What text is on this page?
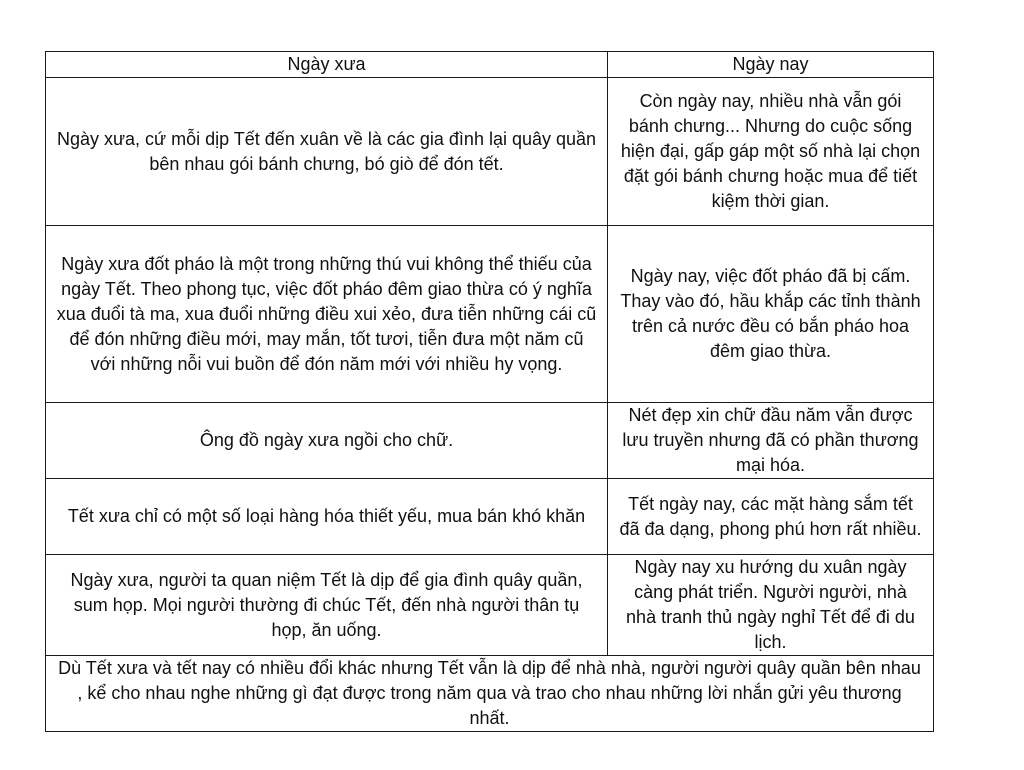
Ngày xưa	Ngày nay
Ngày xưa, cứ mỗi dịp Tết đến xuân về là các gia đình lại quây quần bên nhau gói bánh chưng, bó giò để đón tết.	Còn ngày nay, nhiều nhà vẫn gói bánh chưng... Nhưng do cuộc sống hiện đại, gấp gáp một số nhà lại chọn đặt gói bánh chưng hoặc mua để tiết kiệm thời gian.
Ngày xưa đốt pháo là một trong những thú vui không thể thiếu của ngày Tết. Theo phong tục, việc đốt pháo đêm giao thừa có ý nghĩa xua đuổi tà ma, xua đuổi những điều xui xẻo, đưa tiễn những cái cũ để đón những điều mới, may mắn, tốt tươi, tiễn đưa một năm cũ với những nỗi vui buồn để đón năm mới với nhiều hy vọng.	Ngày nay, việc đốt pháo đã bị cấm. Thay vào đó, hầu khắp các tỉnh thành trên cả nước đều có bắn pháo hoa đêm giao thừa.
Ông đồ ngày xưa ngồi cho chữ.	Nét đẹp xin chữ đầu năm vẫn được lưu truyền nhưng đã có phần thương mại hóa.
Tết xưa chỉ có một số loại hàng hóa thiết yếu, mua bán khó khăn	Tết ngày nay, các mặt hàng sắm tết đã đa dạng, phong phú hơn rất nhiều.
Ngày xưa, người ta quan niệm Tết là dịp để gia đình quây quần, sum họp. Mọi người thường đi chúc Tết, đến nhà người thân tụ họp, ăn uống.	Ngày nay xu hướng du xuân ngày càng phát triển. Người người, nhà nhà tranh thủ ngày nghỉ Tết để đi du lịch.
Dù Tết xưa và tết nay có nhiều đổi khác nhưng Tết vẫn là dịp để nhà nhà, người người quây quần bên nhau , kể cho nhau nghe những gì đạt được trong năm qua và trao cho nhau những lời nhắn gửi yêu thương nhất.	
